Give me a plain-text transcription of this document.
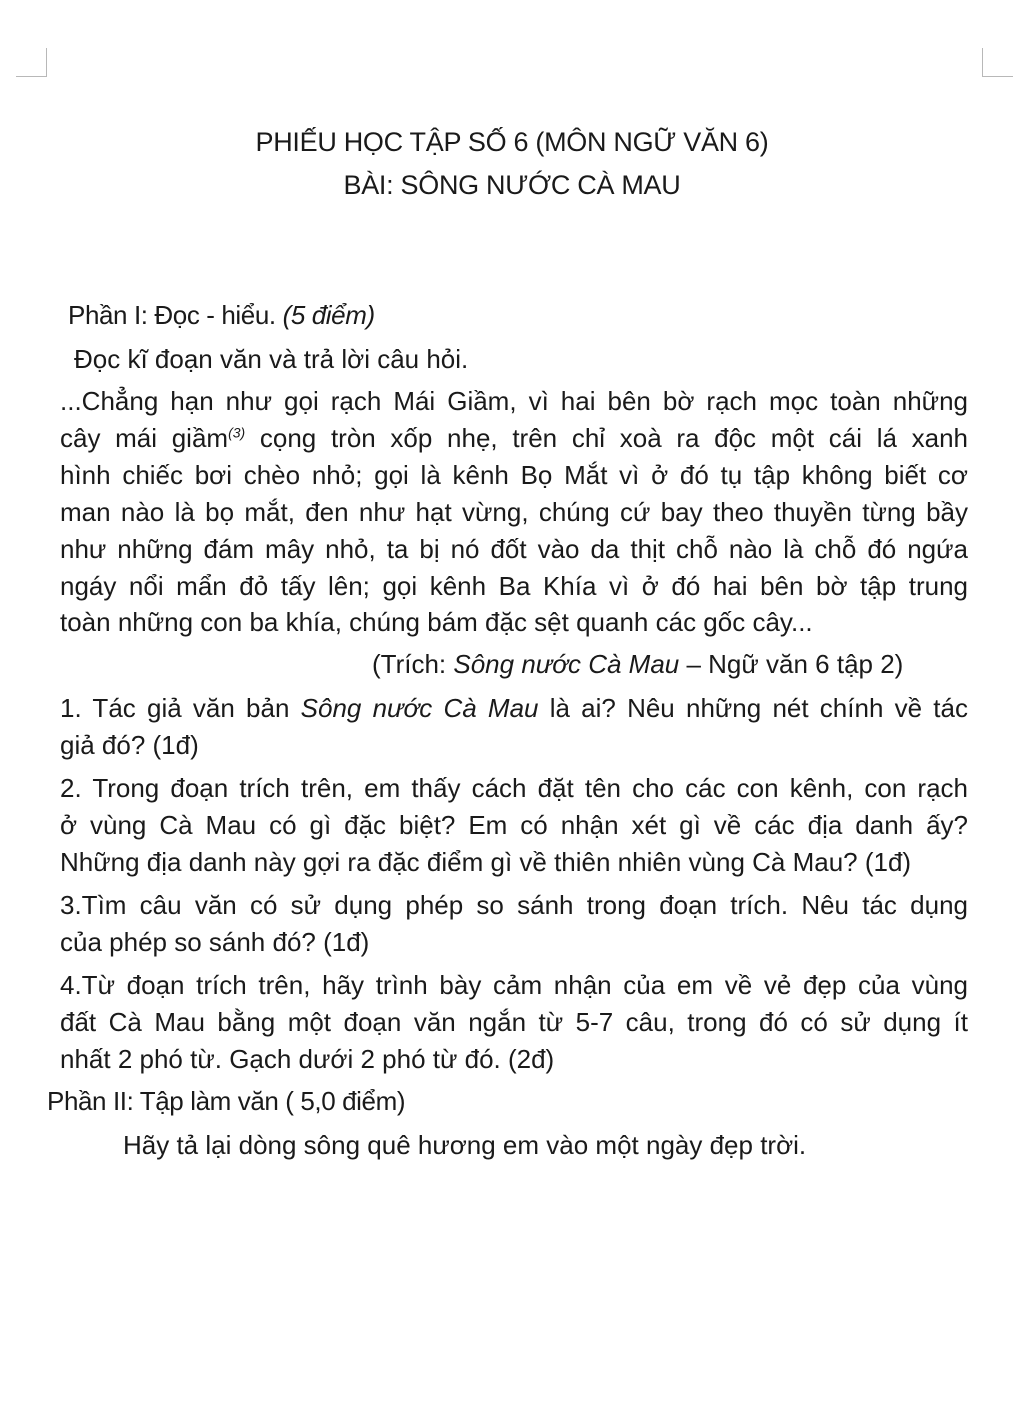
PHIẾU HỌC TẬP SỐ 6 (MÔN NGỮ VĂN 6)
BÀI: SÔNG NƯỚC CÀ MAU
Phần I: Đọc - hiểu. (5 điểm)
Đọc kĩ đoạn văn và trả lời câu hỏi.
...Chẳng hạn như gọi rạch Mái Giầm, vì hai bên bờ rạch mọc toàn những
cây mái giầm$^{(3)}$ cọng tròn xốp nhẹ, trên chỉ xoà ra độc một cái lá xanh
hình chiếc bơi chèo nhỏ; gọi là kênh Bọ Mắt vì ở đó tụ tập không biết cơ
man nào là bọ mắt, đen như hạt vừng, chúng cứ bay theo thuyền từng bầy
như những đám mây nhỏ, ta bị nó đốt vào da thịt chỗ nào là chỗ đó ngứa
ngáy nổi mẩn đỏ tấy lên; gọi kênh Ba Khía vì ở đó hai bên bờ tập trung
toàn những con ba khía, chúng bám đặc sệt quanh các gốc cây...
(Trích: Sông nước Cà Mau – Ngữ văn 6 tập 2)
1. Tác giả văn bản Sông nước Cà Mau là ai? Nêu những nét chính về tác
giả đó? (1đ)
2. Trong đoạn trích trên, em thấy cách đặt tên cho các con kênh, con rạch
ở vùng Cà Mau có gì đặc biệt? Em có nhận xét gì về các địa danh ấy?
Những địa danh này gợi ra đặc điểm gì về thiên nhiên vùng Cà Mau? (1đ)
3.Tìm câu văn có sử dụng phép so sánh trong đoạn trích. Nêu tác dụng
của phép so sánh đó? (1đ)
4.Từ đoạn trích trên, hãy trình bày cảm nhận của em về vẻ đẹp của vùng
đất Cà Mau bằng một đoạn văn ngắn từ 5-7 câu, trong đó có sử dụng ít
nhất 2 phó từ. Gạch dưới 2 phó từ đó. (2đ)
Phần II: Tập làm văn ( 5,0 điểm)
Hãy tả lại dòng sông quê hương em vào một ngày đẹp trời.
